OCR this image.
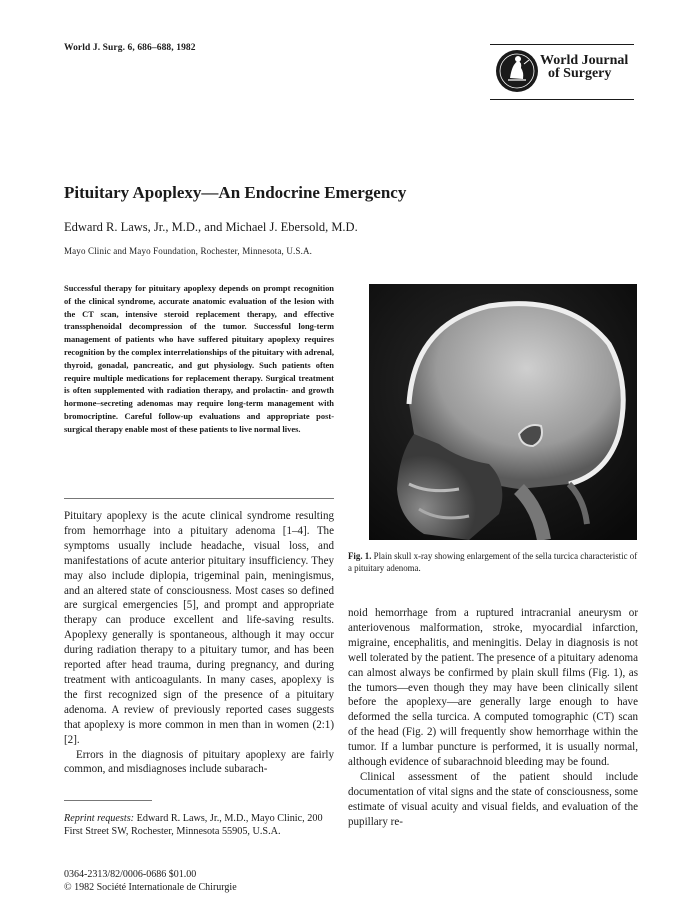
World J. Surg. 6, 686–688, 1982
World Journal
of Surgery
Pituitary Apoplexy—An Endocrine Emergency
Edward R. Laws, Jr., M.D., and Michael J. Ebersold, M.D.
Mayo Clinic and Mayo Foundation, Rochester, Minnesota, U.S.A.
Successful therapy for pituitary apoplexy depends on prompt recognition of the clinical syndrome, accurate anatomic evaluation of the lesion with the CT scan, intensive steroid replacement therapy, and effective transsphenoidal decompression of the tumor. Successful long-term management of patients who have suffered pituitary apoplexy requires recognition by the complex interrelationships of the pituitary with adrenal, thyroid, gonadal, pancreatic, and gut physiology. Such patients often require multiple medications for replacement therapy. Surgical treatment is often supplemented with radiation therapy, and prolactin- and growth hormone–secreting adenomas may require long-term management with bromocriptine. Careful follow-up evaluations and appropriate post-surgical therapy enable most of these patients to live normal lives.

Pituitary apoplexy is the acute clinical syndrome resulting from hemorrhage into a pituitary adenoma [1–4]. The symptoms usually include headache, visual loss, and manifestations of acute anterior pituitary insufficiency. They may also include diplopia, trigeminal pain, meningismus, and an altered state of consciousness. Most cases so defined are surgical emergencies [5], and prompt and appropriate therapy can produce excellent and life-saving results. Apoplexy generally is spontaneous, although it may occur during radiation therapy to a pituitary tumor, and has been reported after head trauma, during pregnancy, and during treatment with anticoagulants. In many cases, apoplexy is the first recognized sign of the presence of a pituitary adenoma. A review of previously reported cases suggests that apoplexy is more common in men than in women (2:1) [2].

Errors in the diagnosis of pituitary apoplexy are fairly common, and misdiagnoses include subarach-

Reprint requests: Edward R. Laws, Jr., M.D., Mayo Clinic, 200 First Street SW, Rochester, Minnesota 55905, U.S.A.
0364-2313/82/0006-0686 $01.00
© 1982 Société Internationale de Chirurgie
Fig. 1. Plain skull x-ray showing enlargement of the sella turcica characteristic of a pituitary adenoma.

noid hemorrhage from a ruptured intracranial aneurysm or anteriovenous malformation, stroke, myocardial infarction, migraine, encephalitis, and meningitis. Delay in diagnosis is not well tolerated by the patient. The presence of a pituitary adenoma can almost always be confirmed by plain skull films (Fig. 1), as the tumors—even though they may have been clinically silent before the apoplexy—are generally large enough to have deformed the sella turcica. A computed tomographic (CT) scan of the head (Fig. 2) will frequently show hemorrhage within the tumor. If a lumbar puncture is performed, it is usually normal, although evidence of subarachnoid bleeding may be found.

Clinical assessment of the patient should include documentation of vital signs and the state of consciousness, some estimate of visual acuity and visual fields, and evaluation of the pupillary re-
